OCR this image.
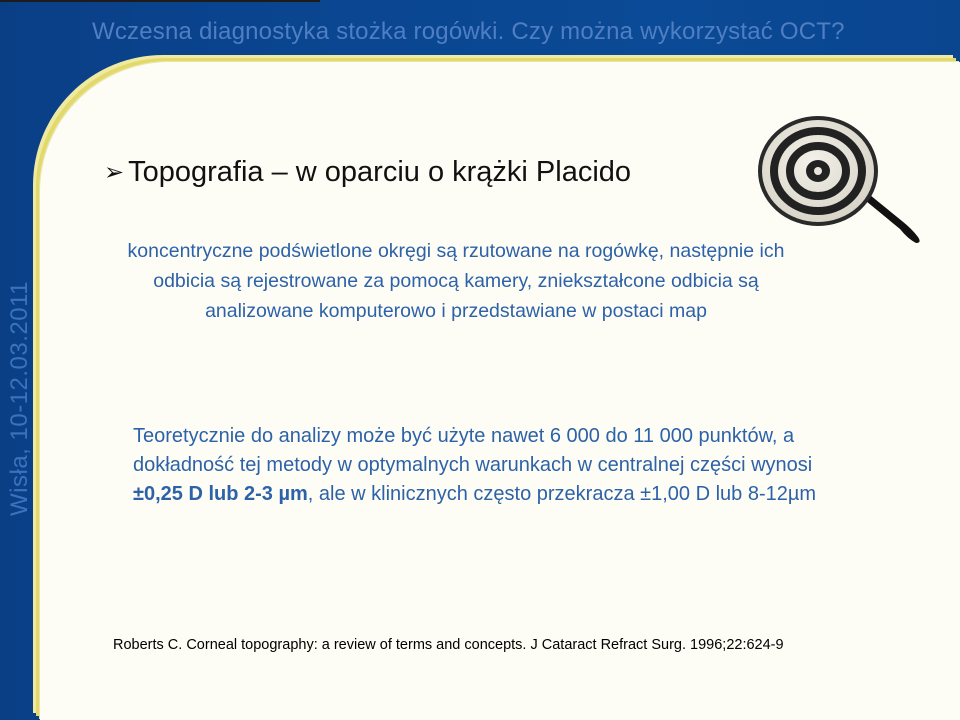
Wczesna diagnostyka stożka rogówki. Czy można wykorzystać OCT?
Wisła, 10-12.03.2011
➢ Topografia – w oparciu o krążki Placido
koncentryczne podświetlone okręgi są rzutowane na rogówkę, następnie ich odbicia są rejestrowane za pomocą kamery, zniekształcone odbicia są analizowane komputerowo i przedstawiane w postaci map
Teoretycznie do analizy może być użyte nawet 6 000 do 11 000 punktów, a dokładność tej metody w optymalnych warunkach w centralnej części wynosi ±0,25 D lub 2-3 µm, ale w klinicznych często przekracza ±1,00 D lub 8-12µm
Roberts C. Corneal topography: a review of terms and concepts. J Cataract Refract Surg. 1996;22:624-9
